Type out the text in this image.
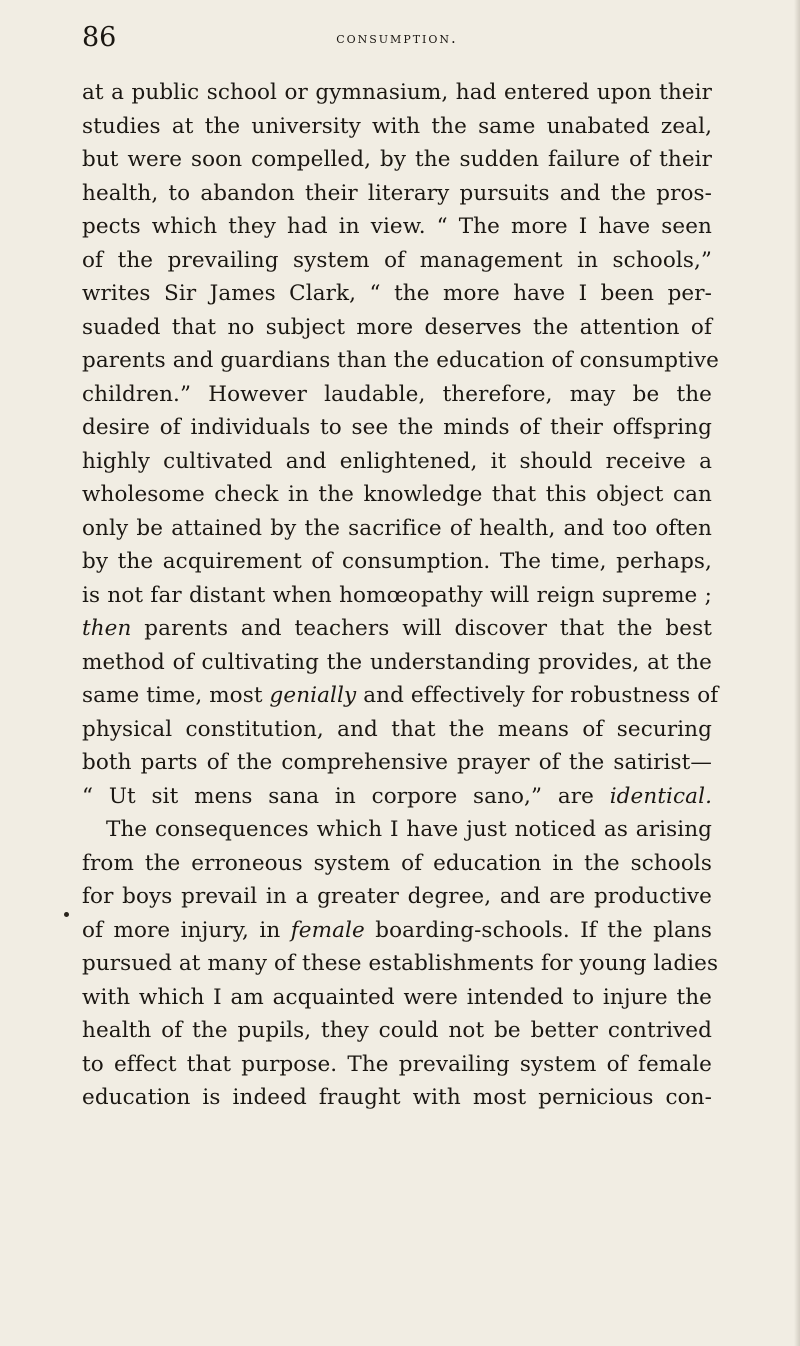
86	consumption.
at a public school or gymnasium, had entered upon their
studies at the university with the same unabated zeal,
but were soon compelled, by the sudden failure of their
health, to abandon their literary pursuits and the pros-
pects which they had in view. “ The more I have seen
of the prevailing system of management in schools,”
writes Sir James Clark, “ the more have I been per-
suaded that no subject more deserves the attention of
parents and guardians than the education of consumptive
children.” However laudable, therefore, may be the
desire of individuals to see the minds of their offspring
highly cultivated and enlightened, it should receive a
wholesome check in the knowledge that this object can
only be attained by the sacrifice of health, and too often
by the acquirement of consumption. The time, perhaps,
is not far distant when homœopathy will reign supreme ;
then parents and teachers will discover that the best
method of cultivating the understanding provides, at the
same time, most genially and effectively for robustness of
physical constitution, and that the means of securing
both parts of the comprehensive prayer of the satirist—
“ Ut sit mens sana in corpore sano,” are identical.
The consequences which I have just noticed as arising
from the erroneous system of education in the schools
for boys prevail in a greater degree, and are productive
of more injury, in female boarding-schools. If the plans
pursued at many of these establishments for young ladies
with which I am acquainted were intended to injure the
health of the pupils, they could not be better contrived
to effect that purpose. The prevailing system of female
education is indeed fraught with most pernicious con-
